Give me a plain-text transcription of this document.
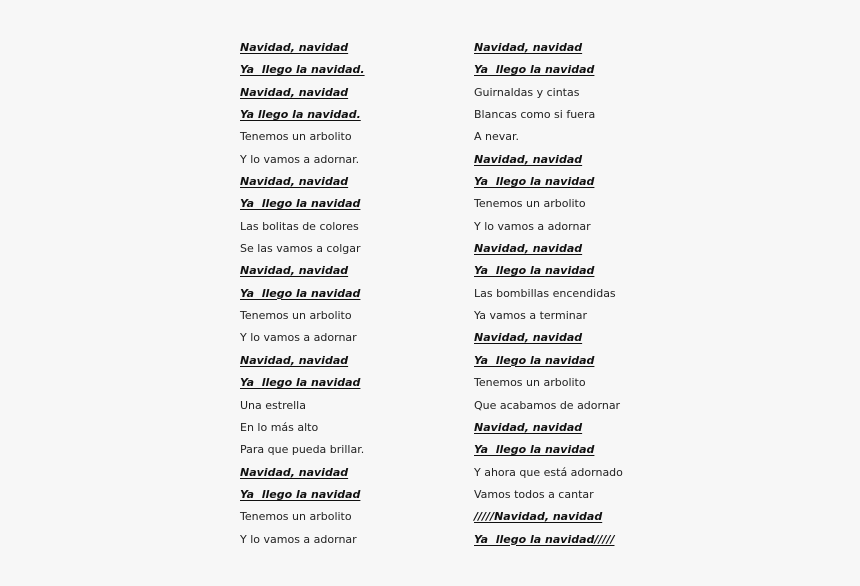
Navidad, navidad
Ya  llego la navidad.
Navidad, navidad
Ya llego la navidad.
Tenemos un arbolito
Y lo vamos a adornar.
Navidad, navidad
Ya  llego la navidad
Las bolitas de colores
Se las vamos a colgar
Navidad, navidad
Ya  llego la navidad
Tenemos un arbolito
Y lo vamos a adornar
Navidad, navidad
Ya  llego la navidad
Una estrella
En lo más alto
Para que pueda brillar.
Navidad, navidad
Ya  llego la navidad
Tenemos un arbolito
Y lo vamos a adornar
Navidad, navidad
Ya  llego la navidad
Guirnaldas y cintas
Blancas como si fuera
A nevar.
Navidad, navidad
Ya  llego la navidad
Tenemos un arbolito
Y lo vamos a adornar
Navidad, navidad
Ya  llego la navidad
Las bombillas encendidas
Ya vamos a terminar
Navidad, navidad
Ya  llego la navidad
Tenemos un arbolito
Que acabamos de adornar
Navidad, navidad
Ya  llego la navidad
Y ahora que está adornado
Vamos todos a cantar
/////Navidad, navidad
Ya  llego la navidad/////
